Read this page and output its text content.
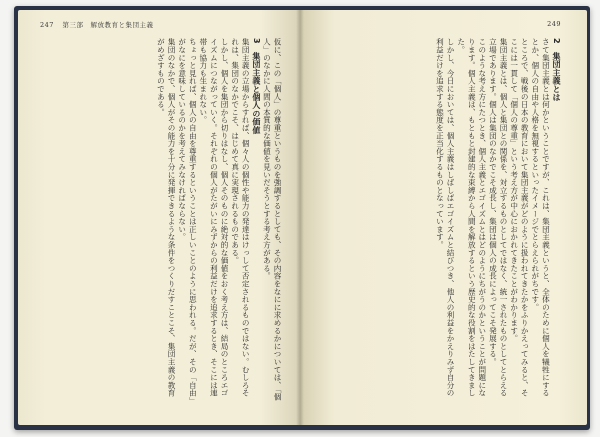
247 第三部　解放教育と集団主義
仮に、この「個人」の尊重というものを強調するとしても、その内容をなにに求めるかについては、「個人」のなかに人間の本質的な価値を見いだそうとする考え方がある。
3　集団主義と個人の価値
集団主義の立場からすれば、個々人の個性や能力の発達はけっして否定されるものではない。むしろそれは、集団のなかでこそ、はじめて真に実現されるものである。
しかし、個人を集団から切りはなし、個人そのものに絶対的な価値をおく考え方は、結局のところエゴイズムにつながっていく。それぞれの個人がたがいにみずからの利益だけを追求するとき、そこには連帯も協力も生まれない。
ちょっと見れば、個人の自由を尊重するということは正しいことのように思われる。だが、その「自由」がなにを意味しているのかを考えてみなければならない。
集団のなかで、個人がその能力を十分に発揮できるような条件をつくりだすことこそ、集団主義の教育がめざすものである。
249
2　集団主義とは
さて集団主義とは何かということですが、これは、集団主義というと、全体のために個人を犠牲にするとか、個人の自由や人格を無視するといったイメージでとらえられがちです。
ところで、戦後の日本の教育において集団主義がどのように扱われてきたかをふりかえってみると、そこには一貫して「個人の尊重」という考え方が中心におかれてきたことがわかります。
集団主義とは、個人と集団との関係を、対立するものとしてではなく、統一されたものとしてとらえる立場であります。個人は集団のなかでこそ成長し、集団は個人の成長によってこそ発展する。
このような考え方にたつとき、個人主義とエゴイズムとはどのようにちがうのかということが問題になります。個人主義は、もともと封建的な束縛から人間を解放するという歴史的な役割をはたしてきました。
しかし、今日においては、個人主義はしばしばエゴイズムと結びつき、他人の利益をかえりみず自分の利益だけを追求する態度を正当化するものとなっています。
